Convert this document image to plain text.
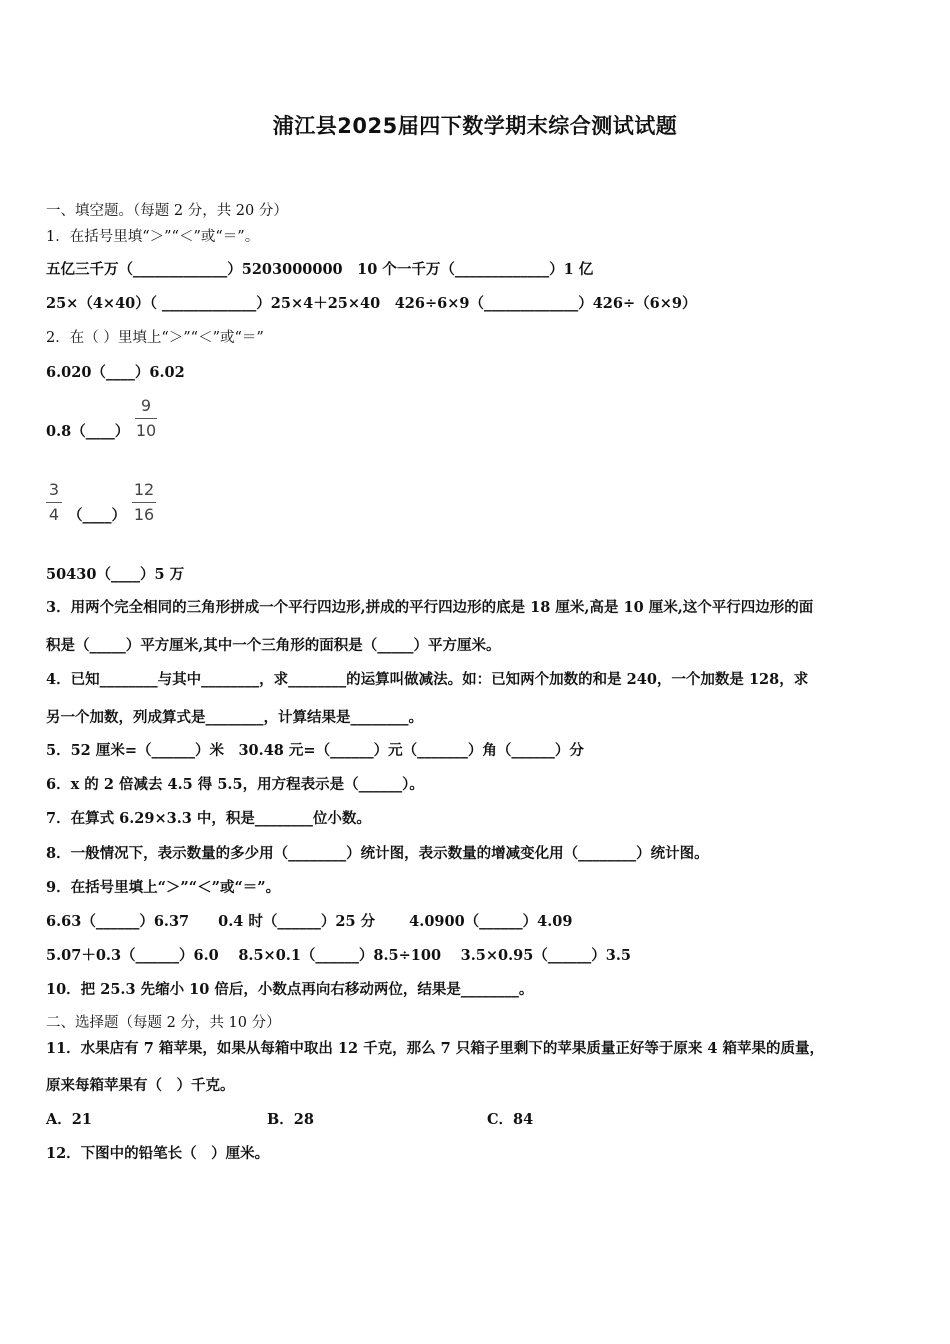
浦江县2025届四下数学期末综合测试试题
一、填空题。（每题 2 分，共 20 分）
1．在括号里填“＞”“＜”或“＝”。
五亿三千万（_____________）5203000000　10 个一千万（_____________）1 亿
25×（4×40）（ _____________）25×4＋25×40　426÷6×9（_____________）426÷（6×9）
2．在（ ）里填上“＞”“＜”或“＝”
6.020（____）6.02
0.8（____）
9
10
3
4 （____）
12
16
50430（____）5 万
3．用两个完全相同的三角形拼成一个平行四边形,拼成的平行四边形的底是 18 厘米,高是 10 厘米,这个平行四边形的面
积是（_____）平方厘米,其中一个三角形的面积是（_____）平方厘米。
4．已知________与其中________，求________的运算叫做减法。如：已知两个加数的和是 240，一个加数是 128，求
另一个加数，列成算式是________，计算结果是________。
5．52 厘米=（______）米　30.48 元=（______）元（_______）角（______）分
6．x 的 2 倍减去 4.5 得 5.5，用方程表示是（______）。
7．在算式 6.29×3.3 中，积是________位小数。
8．一般情况下，表示数量的多少用（________）统计图，表示数量的增减变化用（________）统计图。
9．在括号里填上“＞”“＜”或“＝”。
6.63（______）6.37　　0.4 时（______）25 分　　 4.0900（______）4.09
5.07＋0.3（______）6.0　 8.5×0.1（______）8.5÷100　 3.5×0.95（______）3.5
10．把 25.3 先缩小 10 倍后，小数点再向右移动两位，结果是________。
二、选择题（每题 2 分，共 10 分）
11．水果店有 7 箱苹果，如果从每箱中取出 12 千克，那么 7 只箱子里剩下的苹果质量正好等于原来 4 箱苹果的质量，
原来每箱苹果有（　）千克。
A．21	B．28	C．84
12．下图中的铅笔长（　）厘米。
